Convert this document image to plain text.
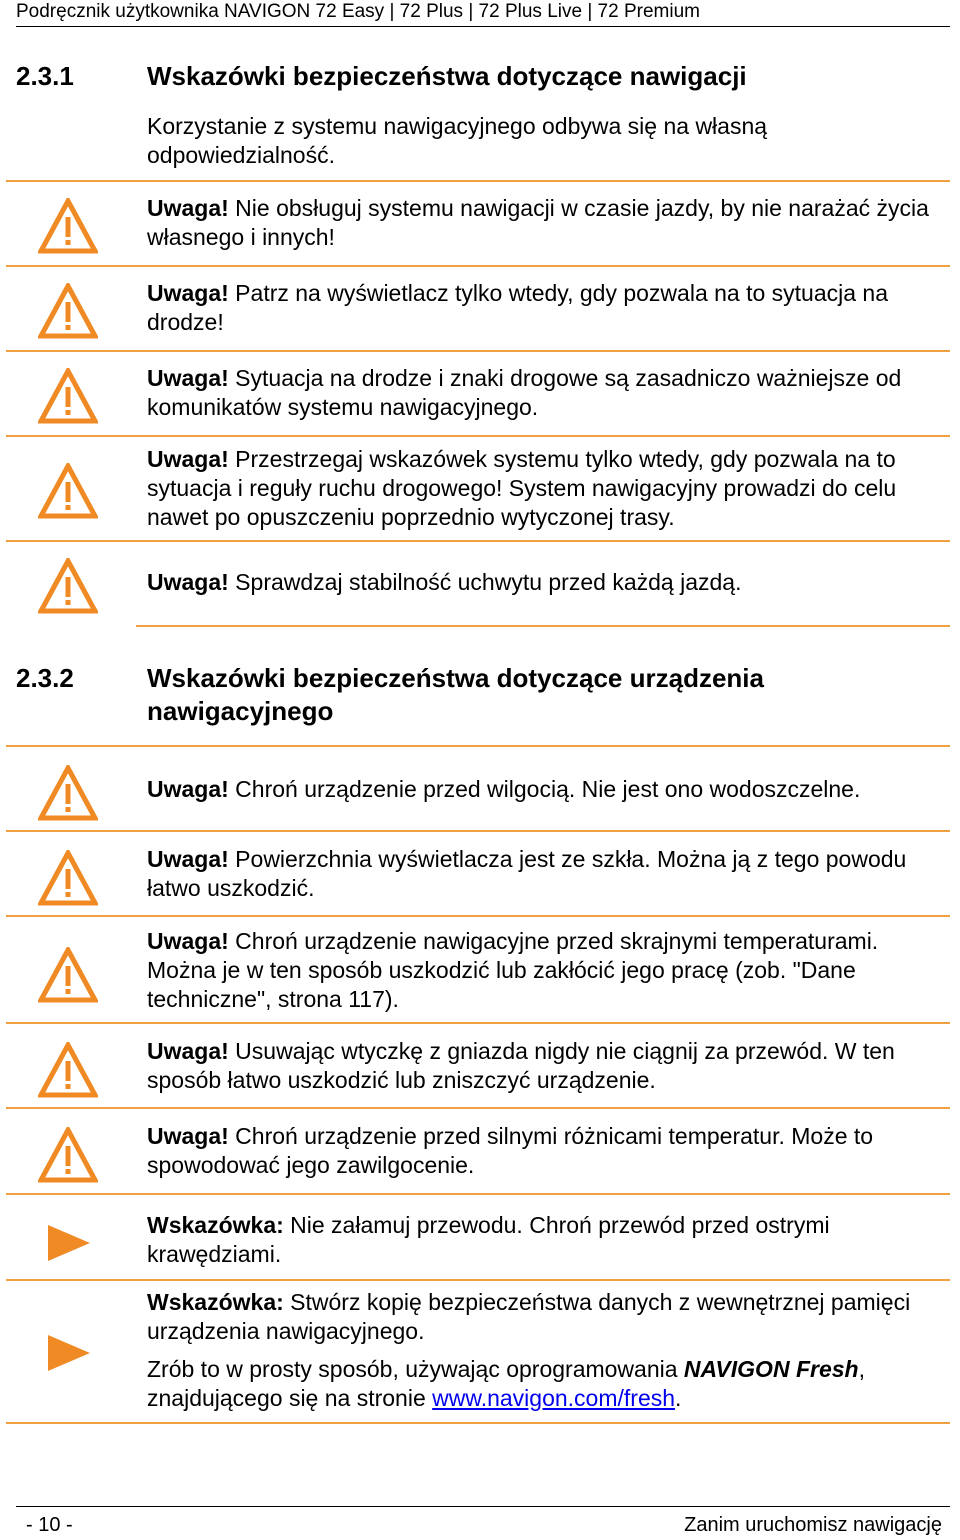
Podręcznik użytkownika NAVIGON 72 Easy | 72 Plus | 72 Plus Live | 72 Premium
2.3.1	Wskazówki bezpieczeństwa dotyczące nawigacji
Korzystanie z systemu nawigacyjnego odbywa się na własną odpowiedzialność.
Uwaga! Nie obsługuj systemu nawigacji w czasie jazdy, by nie narażać życia własnego i innych!
Uwaga! Patrz na wyświetlacz tylko wtedy, gdy pozwala na to sytuacja na drodze!
Uwaga! Sytuacja na drodze i znaki drogowe są zasadniczo ważniejsze od komunikatów systemu nawigacyjnego.
Uwaga! Przestrzegaj wskazówek systemu tylko wtedy, gdy pozwala na to sytuacja i reguły ruchu drogowego! System nawigacyjny prowadzi do celu nawet po opuszczeniu poprzednio wytyczonej trasy.
Uwaga! Sprawdzaj stabilność uchwytu przed każdą jazdą.
2.3.2	Wskazówki bezpieczeństwa dotyczące urządzenia nawigacyjnego
Uwaga! Chroń urządzenie przed wilgocią. Nie jest ono wodoszczelne.
Uwaga! Powierzchnia wyświetlacza jest ze szkła. Można ją z tego powodu łatwo uszkodzić.
Uwaga! Chroń urządzenie nawigacyjne przed skrajnymi temperaturami. Można je w ten sposób uszkodzić lub zakłócić jego pracę (zob. "Dane techniczne", strona 117).
Uwaga! Usuwając wtyczkę z gniazda nigdy nie ciągnij za przewód. W ten sposób łatwo uszkodzić lub zniszczyć urządzenie.
Uwaga! Chroń urządzenie przed silnymi różnicami temperatur. Może to spowodować jego zawilgocenie.
Wskazówka: Nie załamuj przewodu. Chroń przewód przed ostrymi krawędziami.

Wskazówka: Stwórz kopię bezpieczeństwa danych z wewnętrznej pamięci urządzenia nawigacyjnego.

Zrób to w prosty sposób, używając oprogramowania NAVIGON Fresh, znajdującego się na stronie www.navigon.com/fresh.

- 10 -	Zanim uruchomisz nawigację
